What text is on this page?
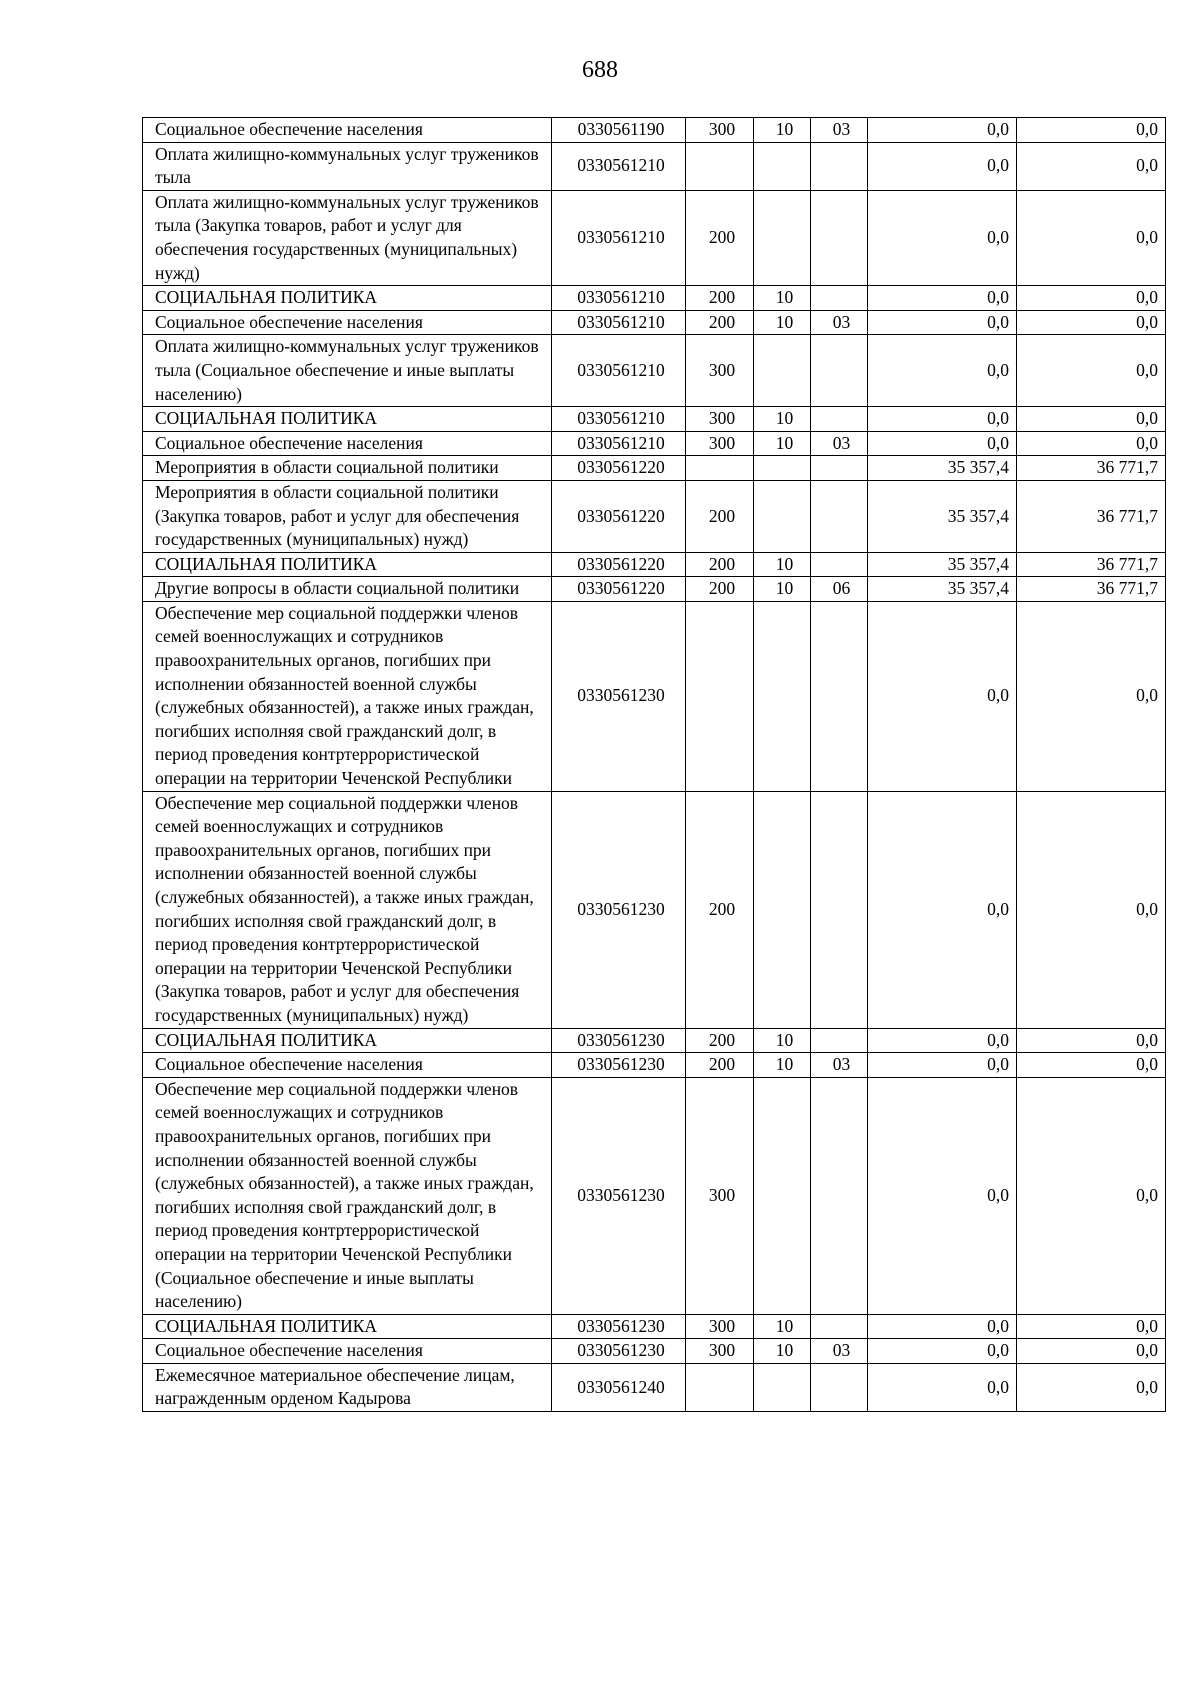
688
Социальное обеспечение населения	0330561190	300	10	03	0,0	0,0
Оплата жилищно-коммунальных услуг тружеников тыла	0330561210				0,0	0,0
Оплата жилищно-коммунальных услуг тружеников тыла (Закупка товаров, работ и услуг для обеспечения государственных (муниципальных) нужд)	0330561210	200			0,0	0,0
СОЦИАЛЬНАЯ ПОЛИТИКА	0330561210	200	10		0,0	0,0
Социальное обеспечение населения	0330561210	200	10	03	0,0	0,0
Оплата жилищно-коммунальных услуг тружеников тыла (Социальное обеспечение и иные выплаты населению)	0330561210	300			0,0	0,0
СОЦИАЛЬНАЯ ПОЛИТИКА	0330561210	300	10		0,0	0,0
Социальное обеспечение населения	0330561210	300	10	03	0,0	0,0
Мероприятия в области социальной политики	0330561220				35 357,4	36 771,7
Мероприятия в области социальной политики (Закупка товаров, работ и услуг для обеспечения государственных (муниципальных) нужд)	0330561220	200			35 357,4	36 771,7
СОЦИАЛЬНАЯ ПОЛИТИКА	0330561220	200	10		35 357,4	36 771,7
Другие вопросы в области социальной политики	0330561220	200	10	06	35 357,4	36 771,7
Обеспечение мер социальной поддержки членов семей военнослужащих и сотрудников правоохранительных органов, погибших при исполнении обязанностей военной службы (служебных обязанностей), а также иных граждан, погибших исполняя свой гражданский долг, в период проведения контртеррористической операции на территории Чеченской Республики	0330561230				0,0	0,0
Обеспечение мер социальной поддержки членов семей военнослужащих и сотрудников правоохранительных органов, погибших при исполнении обязанностей военной службы (служебных обязанностей), а также иных граждан, погибших исполняя свой гражданский долг, в период проведения контртеррористической операции на территории Чеченской Республики (Закупка товаров, работ и услуг для обеспечения государственных (муниципальных) нужд)	0330561230	200			0,0	0,0
СОЦИАЛЬНАЯ ПОЛИТИКА	0330561230	200	10		0,0	0,0
Социальное обеспечение населения	0330561230	200	10	03	0,0	0,0
Обеспечение мер социальной поддержки членов семей военнослужащих и сотрудников правоохранительных органов, погибших при исполнении обязанностей военной службы (служебных обязанностей), а также иных граждан, погибших исполняя свой гражданский долг, в период проведения контртеррористической операции на территории Чеченской Республики (Социальное обеспечение и иные выплаты населению)	0330561230	300			0,0	0,0
СОЦИАЛЬНАЯ ПОЛИТИКА	0330561230	300	10		0,0	0,0
Социальное обеспечение населения	0330561230	300	10	03	0,0	0,0
Ежемесячное материальное обеспечение лицам, награжденным орденом Кадырова	0330561240				0,0	0,0
